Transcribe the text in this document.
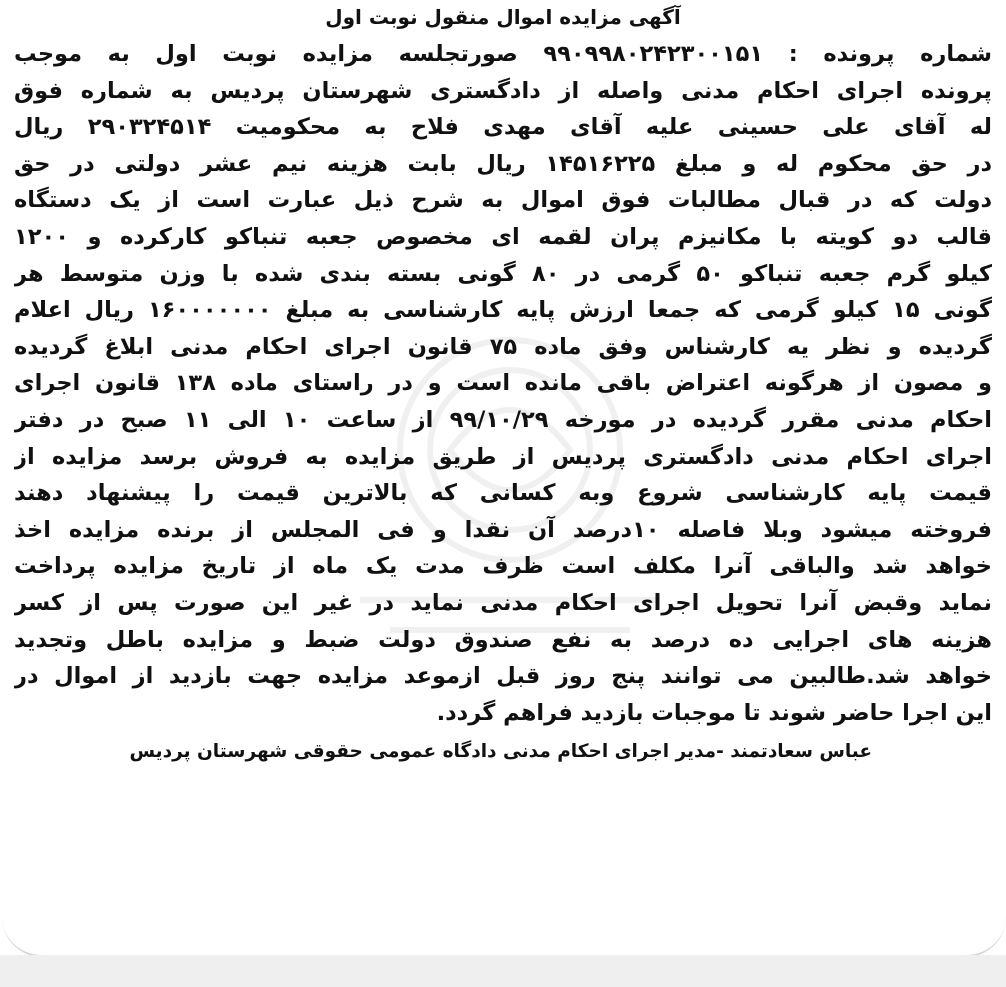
آگهی مزایده اموال منقول نوبت اول
شماره پرونده : ۹۹۰۹۹۸۰۲۴۲۳۰۰۱۵۱ صورتجلسه مزایده نوبت اول به موجب
پرونده اجرای احکام مدنی واصله از دادگستری شهرستان پردیس به شماره فوق
له آقای علی حسینی علیه آقای مهدی فلاح به محکومیت ۲۹۰۳۲۴۵۱۴ ریال
در حق محکوم له و مبلغ ۱۴۵۱۶۲۲۵ ریال بابت هزینه نیم عشر دولتی در حق
دولت که در قبال مطالبات فوق اموال به شرح ذیل عبارت است از یک دستگاه
قالب دو کویته با مکانیزم پران لقمه ای مخصوص جعبه تنباکو کارکرده و ۱۲۰۰
کیلو گرم جعبه تنباکو ۵۰ گرمی در ۸۰ گونی بسته بندی شده با وزن متوسط هر
گونی ۱۵ کیلو گرمی که جمعا ارزش پایه کارشناسی به مبلغ ۱۶۰۰۰۰۰۰۰ ریال اعلام
گردیده و نظر یه کارشناس وفق ماده ۷۵ قانون اجرای احکام مدنی ابلاغ گردیده
و مصون از هرگونه اعتراض باقی مانده است و در راستای ماده ۱۳۸ قانون اجرای
احکام مدنی مقرر گردیده در مورخه ۹۹/۱۰/۲۹ از ساعت ۱۰ الی ۱۱ صبح در دفتر
اجرای احکام مدنی دادگستری پردیس از طریق مزایده به فروش برسد مزایده از
قیمت پایه کارشناسی شروع وبه کسانی که بالاترین قیمت را پیشنهاد دهند
فروخته میشود وبلا فاصله ۱۰درصد آن نقدا و فی المجلس از برنده مزایده اخذ
خواهد شد والباقی آنرا مکلف است ظرف مدت یک ماه از تاریخ مزایده پرداخت
نماید وقبض آنرا تحویل اجرای احکام مدنی نماید در غیر این صورت پس از کسر
هزینه های اجرایی ده درصد به نفع صندوق دولت ضبط و مزایده باطل وتجدید
خواهد شد.طالبین می توانند پنج روز قبل ازموعد مزایده جهت بازدید از اموال در
این اجرا حاضر شوند تا موجبات بازدید فراهم گردد.
عباس سعادتمند -مدیر اجرای احکام مدنی دادگاه عمومی حقوقی شهرستان پردیس
